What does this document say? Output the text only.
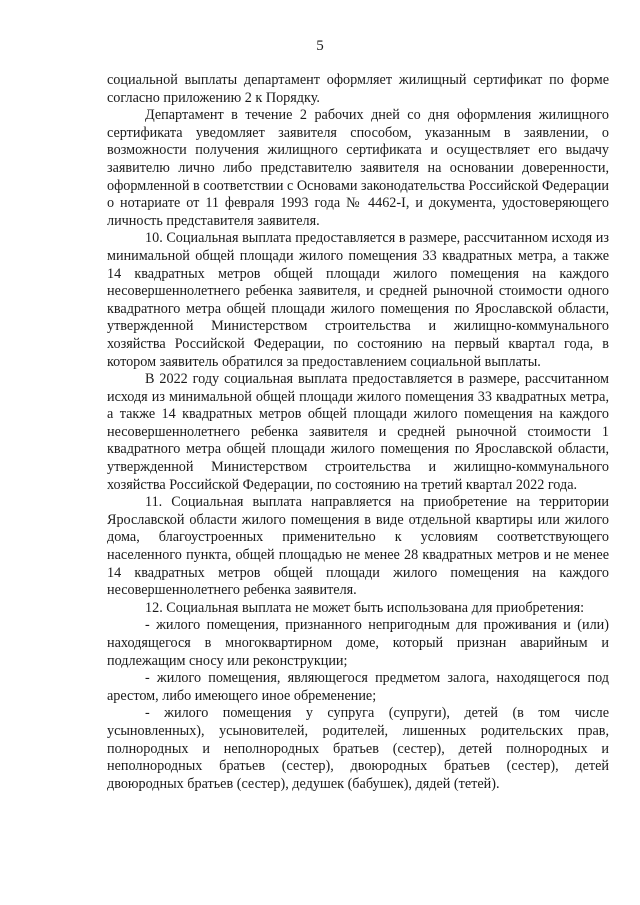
5

социальной выплаты департамент оформляет жилищный сертификат по форме согласно приложению 2 к Порядку.

Департамент в течение 2 рабочих дней со дня оформления жилищного сертификата уведомляет заявителя способом, указанным в заявлении, о возможности получения жилищного сертификата и осуществляет его выдачу заявителю лично либо представителю заявителя на основании доверенности, оформленной в соответствии с Основами законодательства Российской Федерации о нотариате от 11 февраля 1993 года № 4462-I, и документа, удостоверяющего личность представителя заявителя.

10. Социальная выплата предоставляется в размере, рассчитанном исходя из минимальной общей площади жилого помещения 33 квадратных метра, а также 14 квадратных метров общей площади жилого помещения на каждого несовершеннолетнего ребенка заявителя, и средней рыночной стоимости одного квадратного метра общей площади жилого помещения по Ярославской области, утвержденной Министерством строительства и жилищно-коммунального хозяйства Российской Федерации, по состоянию на первый квартал года, в котором заявитель обратился за предоставлением социальной выплаты.

В 2022 году социальная выплата предоставляется в размере, рассчитанном исходя из минимальной общей площади жилого помещения 33 квадратных метра, а также 14 квадратных метров общей площади жилого помещения на каждого несовершеннолетнего ребенка заявителя и средней рыночной стоимости 1 квадратного метра общей площади жилого помещения по Ярославской области, утвержденной Министерством строительства и жилищно-коммунального хозяйства Российской Федерации, по состоянию на третий квартал 2022 года.

11. Социальная выплата направляется на приобретение на территории Ярославской области жилого помещения в виде отдельной квартиры или жилого дома, благоустроенных применительно к условиям соответствующего населенного пункта, общей площадью не менее 28 квадратных метров и не менее 14 квадратных метров общей площади жилого помещения на каждого несовершеннолетнего ребенка заявителя.

12. Социальная выплата не может быть использована для приобретения:

- жилого помещения, признанного непригодным для проживания и (или) находящегося в многоквартирном доме, который признан аварийным и подлежащим сносу или реконструкции;

- жилого помещения, являющегося предметом залога, находящегося под арестом, либо имеющего иное обременение;

- жилого помещения у супруга (супруги), детей (в том числе усыновленных), усыновителей, родителей, лишенных родительских прав, полнородных и неполнородных братьев (сестер), детей полнородных и неполнородных братьев (сестер), двоюродных братьев (сестер), детей двоюродных братьев (сестер), дедушек (бабушек), дядей (тетей).
